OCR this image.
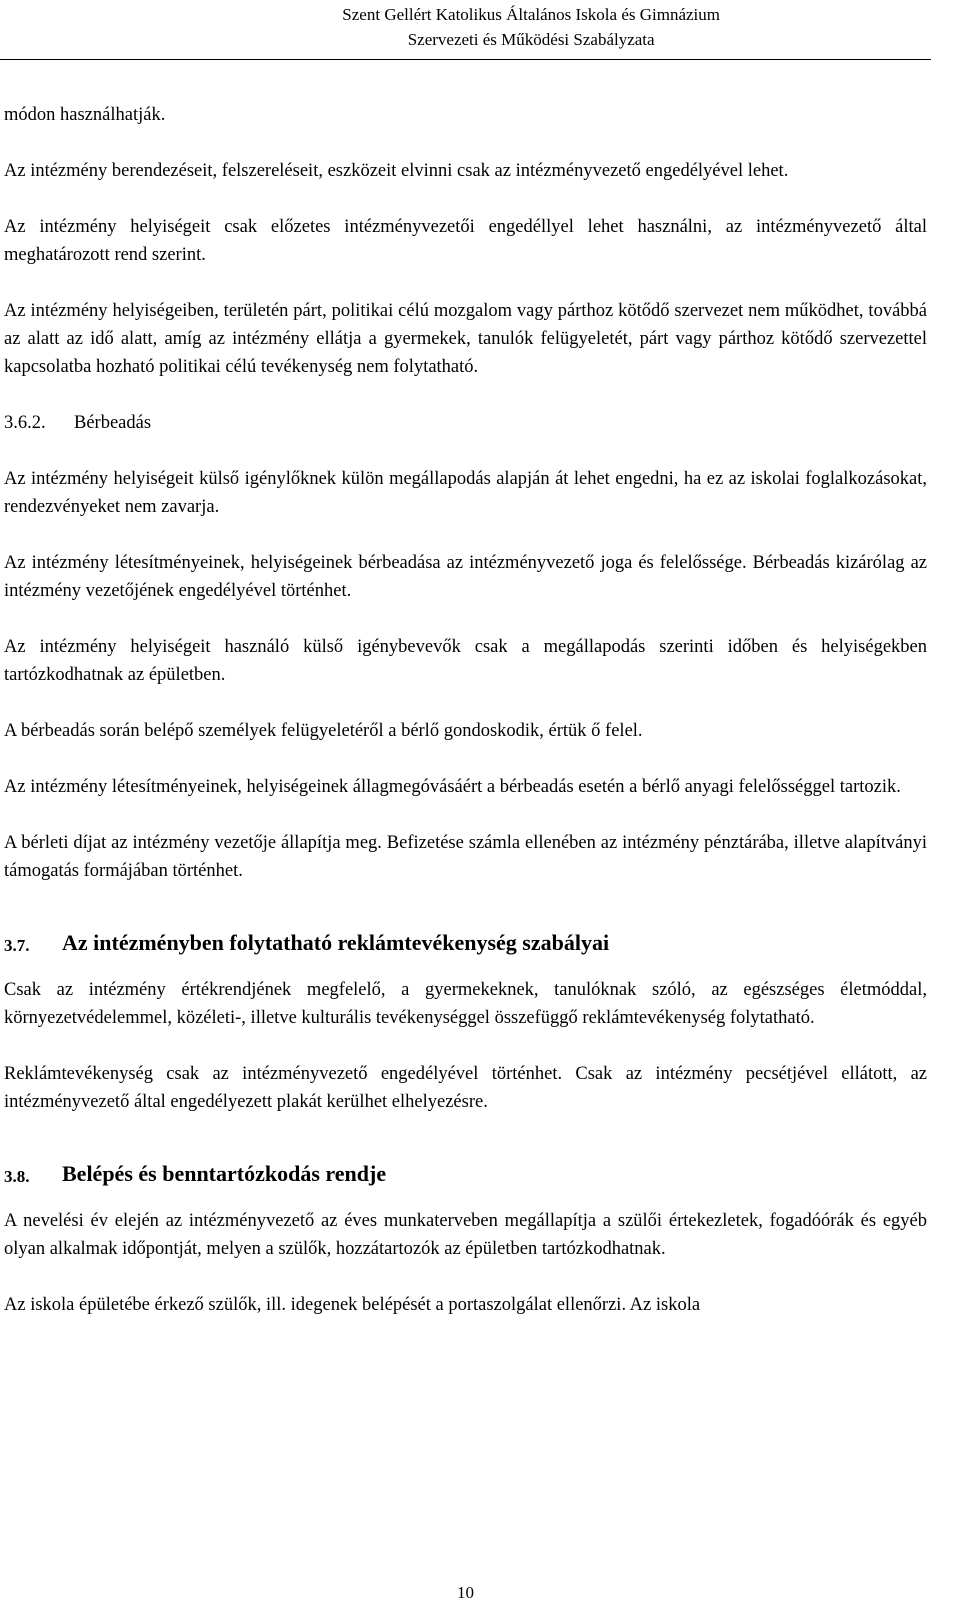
Szent Gellért Katolikus Általános Iskola és Gimnázium
Szervezeti és Működési Szabályzata

módon használhatják.

Az intézmény berendezéseit, felszereléseit, eszközeit elvinni csak az intézményvezető engedélyével lehet.

Az intézmény helyiségeit csak előzetes intézményvezetői engedéllyel lehet használni, az intézményvezető által meghatározott rend szerint.

Az intézmény helyiségeiben, területén párt, politikai célú mozgalom vagy párthoz kötődő szervezet nem működhet, továbbá az alatt az idő alatt, amíg az intézmény ellátja a gyermekek, tanulók felügyeletét, párt vagy párthoz kötődő szervezettel kapcsolatba hozható politikai célú tevékenység nem folytatható.

3.6.2.	Bérbeadás

Az intézmény helyiségeit külső igénylőknek külön megállapodás alapján át lehet engedni, ha ez az iskolai foglalkozásokat, rendezvényeket nem zavarja.

Az intézmény létesítményeinek, helyiségeinek bérbeadása az intézményvezető joga és felelőssége. Bérbeadás kizárólag az intézmény vezetőjének engedélyével történhet.

Az intézmény helyiségeit használó külső igénybevevők csak a megállapodás szerinti időben és helyiségekben tartózkodhatnak az épületben.

A bérbeadás során belépő személyek felügyeletéről a bérlő gondoskodik, értük ő felel.

Az intézmény létesítményeinek, helyiségeinek állagmegóvásáért a bérbeadás esetén a bérlő anyagi felelősséggel tartozik.

A bérleti díjat az intézmény vezetője állapítja meg. Befizetése számla ellenében az intézmény pénztárába, illetve alapítványi támogatás formájában történhet.

3.7.	Az intézményben folytatható reklámtevékenység szabályai

Csak az intézmény értékrendjének megfelelő, a gyermekeknek, tanulóknak szóló, az egészséges életmóddal, környezetvédelemmel, közéleti-, illetve kulturális tevékenységgel összefüggő reklámtevékenység folytatható.

Reklámtevékenység csak az intézményvezető engedélyével történhet. Csak az intézmény pecsétjével ellátott, az intézményvezető által engedélyezett plakát kerülhet elhelyezésre.

3.8.	Belépés és benntartózkodás rendje

A nevelési év elején az intézményvezető az éves munkaterveben megállapítja a szülői értekezletek, fogadóórák és egyéb olyan alkalmak időpontját, melyen a szülők, hozzátartozók az épületben tartózkodhatnak.

Az iskola épületébe érkező szülők, ill. idegenek belépését a portaszolgálat ellenőrzi. Az iskola

10
